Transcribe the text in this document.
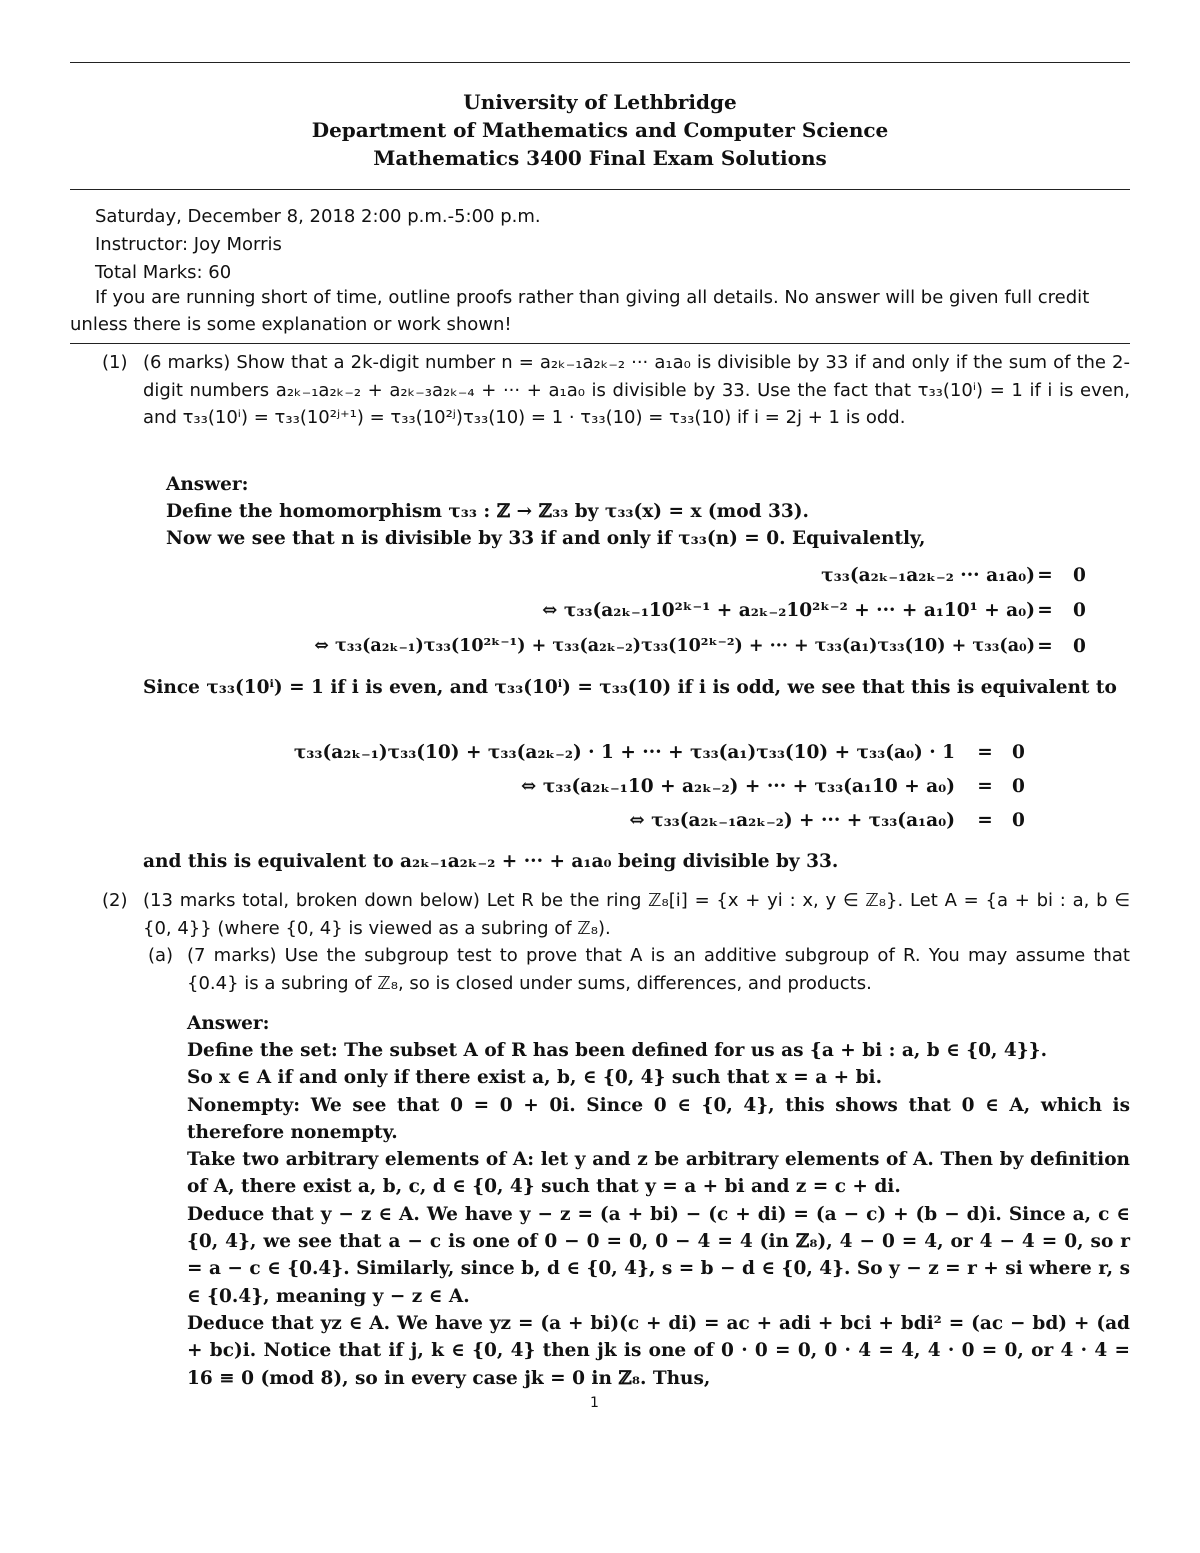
University of Lethbridge
Department of Mathematics and Computer Science
Mathematics 3400 Final Exam Solutions
Saturday, December 8, 2018 2:00 p.m.-5:00 p.m.
Instructor: Joy Morris
Total Marks: 60
If you are running short of time, outline proofs rather than giving all details. No answer will be given full credit unless there is some explanation or work shown!
(1) (6 marks) Show that a 2k-digit number n = a₂ₖ₋₁a₂ₖ₋₂ ··· a₁a₀ is divisible by 33 if and only if the sum of the 2-digit numbers a₂ₖ₋₁a₂ₖ₋₂ + a₂ₖ₋₃a₂ₖ₋₄ + ··· + a₁a₀ is divisible by 33. Use the fact that τ₃₃(10ⁱ) = 1 if i is even, and τ₃₃(10ⁱ) = τ₃₃(10²ʲ⁺¹) = τ₃₃(10²ʲ)τ₃₃(10) = 1 · τ₃₃(10) = τ₃₃(10) if i = 2j + 1 is odd.
Answer:
Define the homomorphism τ₃₃ : ℤ → ℤ₃₃ by τ₃₃(x) = x (mod 33).
Now we see that n is divisible by 33 if and only if τ₃₃(n) = 0. Equivalently,
τ₃₃(a₂ₖ₋₁a₂ₖ₋₂ ··· a₁a₀) =	0
⇔ τ₃₃(a₂ₖ₋₁10²ᵏ⁻¹ + a₂ₖ₋₂10²ᵏ⁻² + ··· + a₁10¹ + a₀) =	0
⇔ τ₃₃(a₂ₖ₋₁)τ₃₃(10²ᵏ⁻¹) + τ₃₃(a₂ₖ₋₂)τ₃₃(10²ᵏ⁻²) + ··· + τ₃₃(a₁)τ₃₃(10) + τ₃₃(a₀) =	0
Since τ₃₃(10ⁱ) = 1 if i is even, and τ₃₃(10ⁱ) = τ₃₃(10) if i is odd, we see that this is equivalent to
τ₃₃(a₂ₖ₋₁)τ₃₃(10) + τ₃₃(a₂ₖ₋₂) · 1 + ··· + τ₃₃(a₁)τ₃₃(10) + τ₃₃(a₀) · 1	=	0
⇔ τ₃₃(a₂ₖ₋₁10 + a₂ₖ₋₂) + ··· + τ₃₃(a₁10 + a₀)	=	0
⇔ τ₃₃(a₂ₖ₋₁a₂ₖ₋₂) + ··· + τ₃₃(a₁a₀)	=	0
and this is equivalent to a₂ₖ₋₁a₂ₖ₋₂ + ··· + a₁a₀ being divisible by 33.
(2) (13 marks total, broken down below) Let R be the ring ℤ₈[i] = {x + yi : x, y ∈ ℤ₈}. Let A = {a + bi : a, b ∈ {0, 4}} (where {0, 4} is viewed as a subring of ℤ₈).
(a) (7 marks) Use the subgroup test to prove that A is an additive subgroup of R. You may assume that {0.4} is a subring of ℤ₈, so is closed under sums, differences, and products.
Answer:
Define the set: The subset A of R has been defined for us as {a + bi : a, b ∈ {0, 4}}.
So x ∈ A if and only if there exist a, b, ∈ {0, 4} such that x = a + bi.
Nonempty: We see that 0 = 0 + 0i. Since 0 ∈ {0, 4}, this shows that 0 ∈ A, which is therefore nonempty.
Take two arbitrary elements of A: let y and z be arbitrary elements of A. Then by definition of A, there exist a, b, c, d ∈ {0, 4} such that y = a + bi and z = c + di.
Deduce that y − z ∈ A. We have y − z = (a + bi) − (c + di) = (a − c) + (b − d)i. Since a, c ∈ {0, 4}, we see that a − c is one of 0 − 0 = 0, 0 − 4 = 4 (in ℤ₈), 4 − 0 = 4, or 4 − 4 = 0, so r = a − c ∈ {0.4}. Similarly, since b, d ∈ {0, 4}, s = b − d ∈ {0, 4}. So y − z = r + si where r, s ∈ {0.4}, meaning y − z ∈ A.
Deduce that yz ∈ A. We have yz = (a + bi)(c + di) = ac + adi + bci + bdi² = (ac − bd) + (ad + bc)i. Notice that if j, k ∈ {0, 4} then jk is one of 0 · 0 = 0, 0 · 4 = 4, 4 · 0 = 0, or 4 · 4 = 16 ≡ 0 (mod 8), so in every case jk = 0 in ℤ₈. Thus,
1
